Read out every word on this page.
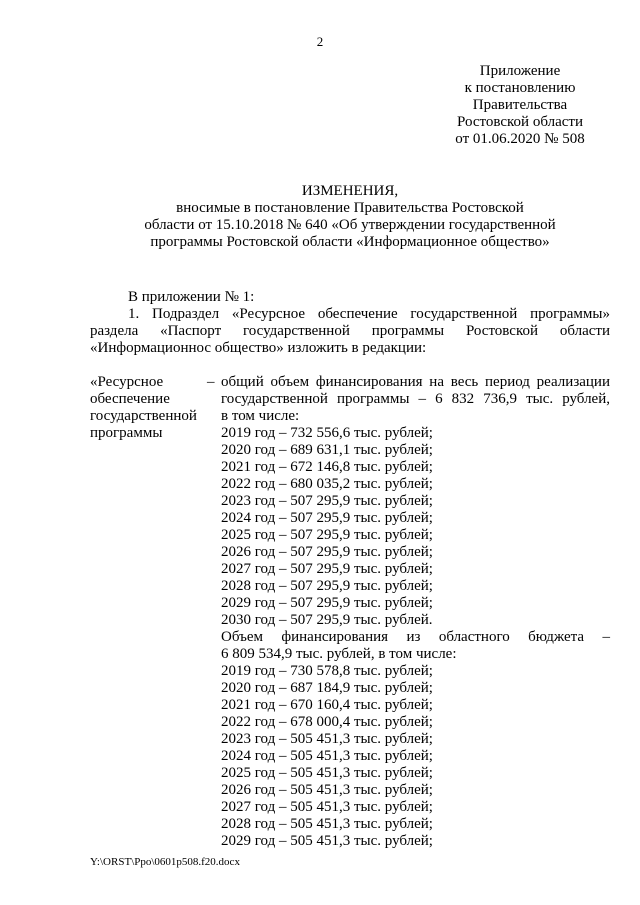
2
Приложение
к постановлению
Правительства
Ростовской области
от 01.06.2020 № 508
ИЗМЕНЕНИЯ,
вносимые в постановление Правительства Ростовской
области от 15.10.2018 № 640 «Об утверждении государственной
программы Ростовской области «Информационное общество»
В приложении № 1:
1. Подраздел «Ресурсное обеспечение государственной программы»
раздела «Паспорт государственной программы Ростовской области
«Информационнос общество» изложить в редакции:
«Ресурсное
обеспечение
государственной
программы
– общий объем финансирования на весь период реализации
государственной программы – 6 832 736,9 тыс. рублей,
в том числе:
2019 год – 732 556,6 тыс. рублей;
2020 год – 689 631,1 тыс. рублей;
2021 год – 672 146,8 тыс. рублей;
2022 год – 680 035,2 тыс. рублей;
2023 год – 507 295,9 тыс. рублей;
2024 год – 507 295,9 тыс. рублей;
2025 год – 507 295,9 тыс. рублей;
2026 год – 507 295,9 тыс. рублей;
2027 год – 507 295,9 тыс. рублей;
2028 год – 507 295,9 тыс. рублей;
2029 год – 507 295,9 тыс. рублей;
2030 год – 507 295,9 тыс. рублей.
Объем финансирования из областного бюджета –
6 809 534,9 тыс. рублей, в том числе:
2019 год – 730 578,8 тыс. рублей;
2020 год – 687 184,9 тыс. рублей;
2021 год – 670 160,4 тыс. рублей;
2022 год – 678 000,4 тыс. рублей;
2023 год – 505 451,3 тыс. рублей;
2024 год – 505 451,3 тыс. рублей;
2025 год – 505 451,3 тыс. рублей;
2026 год – 505 451,3 тыс. рублей;
2027 год – 505 451,3 тыс. рублей;
2028 год – 505 451,3 тыс. рублей;
2029 год – 505 451,3 тыс. рублей;
Y:\ORST\Ppo\0601p508.f20.docx
